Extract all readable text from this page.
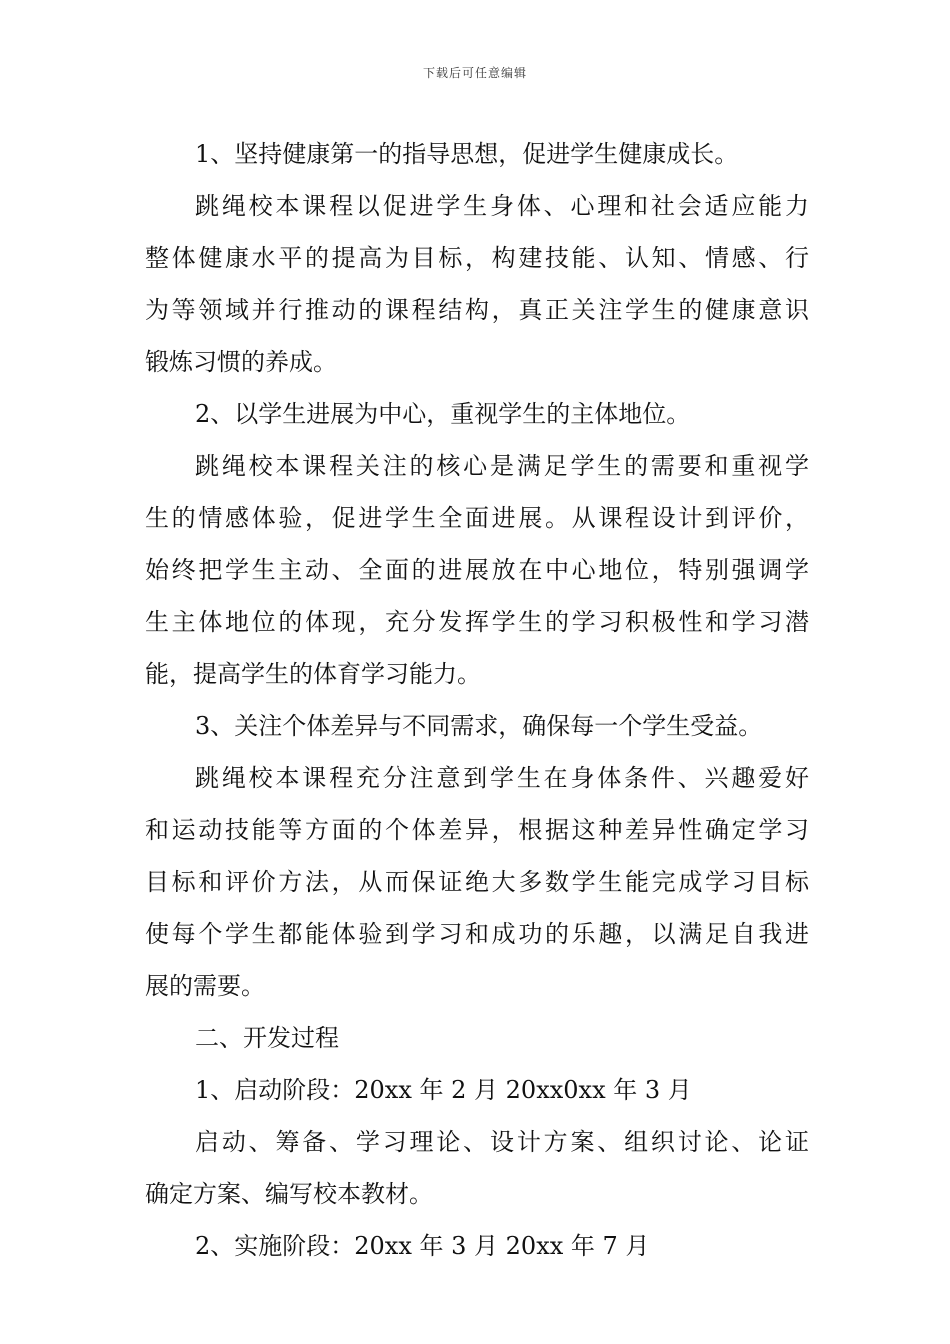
下载后可任意编辑
1、坚持健康第一的指导思想，促进学生健康成长。
跳绳校本课程以促进学生身体、心理和社会适应能力
整体健康水平的提高为目标，构建技能、认知、情感、行
为等领域并行推动的课程结构，真正关注学生的健康意识
锻炼习惯的养成。
2、以学生进展为中心，重视学生的主体地位。
跳绳校本课程关注的核心是满足学生的需要和重视学
生的情感体验，促进学生全面进展。从课程设计到评价，
始终把学生主动、全面的进展放在中心地位，特别强调学
生主体地位的体现，充分发挥学生的学习积极性和学习潜
能，提高学生的体育学习能力。
3、关注个体差异与不同需求，确保每一个学生受益。
跳绳校本课程充分注意到学生在身体条件、兴趣爱好
和运动技能等方面的个体差异，根据这种差异性确定学习
目标和评价方法，从而保证绝大多数学生能完成学习目标
使每个学生都能体验到学习和成功的乐趣，以满足自我进
展的需要。
二、开发过程
1、启动阶段：20xx 年 2 月 20xx0xx 年 3 月
启动、筹备、学习理论、设计方案、组织讨论、论证
确定方案、编写校本教材。
2、实施阶段：20xx 年 3 月 20xx 年 7 月
